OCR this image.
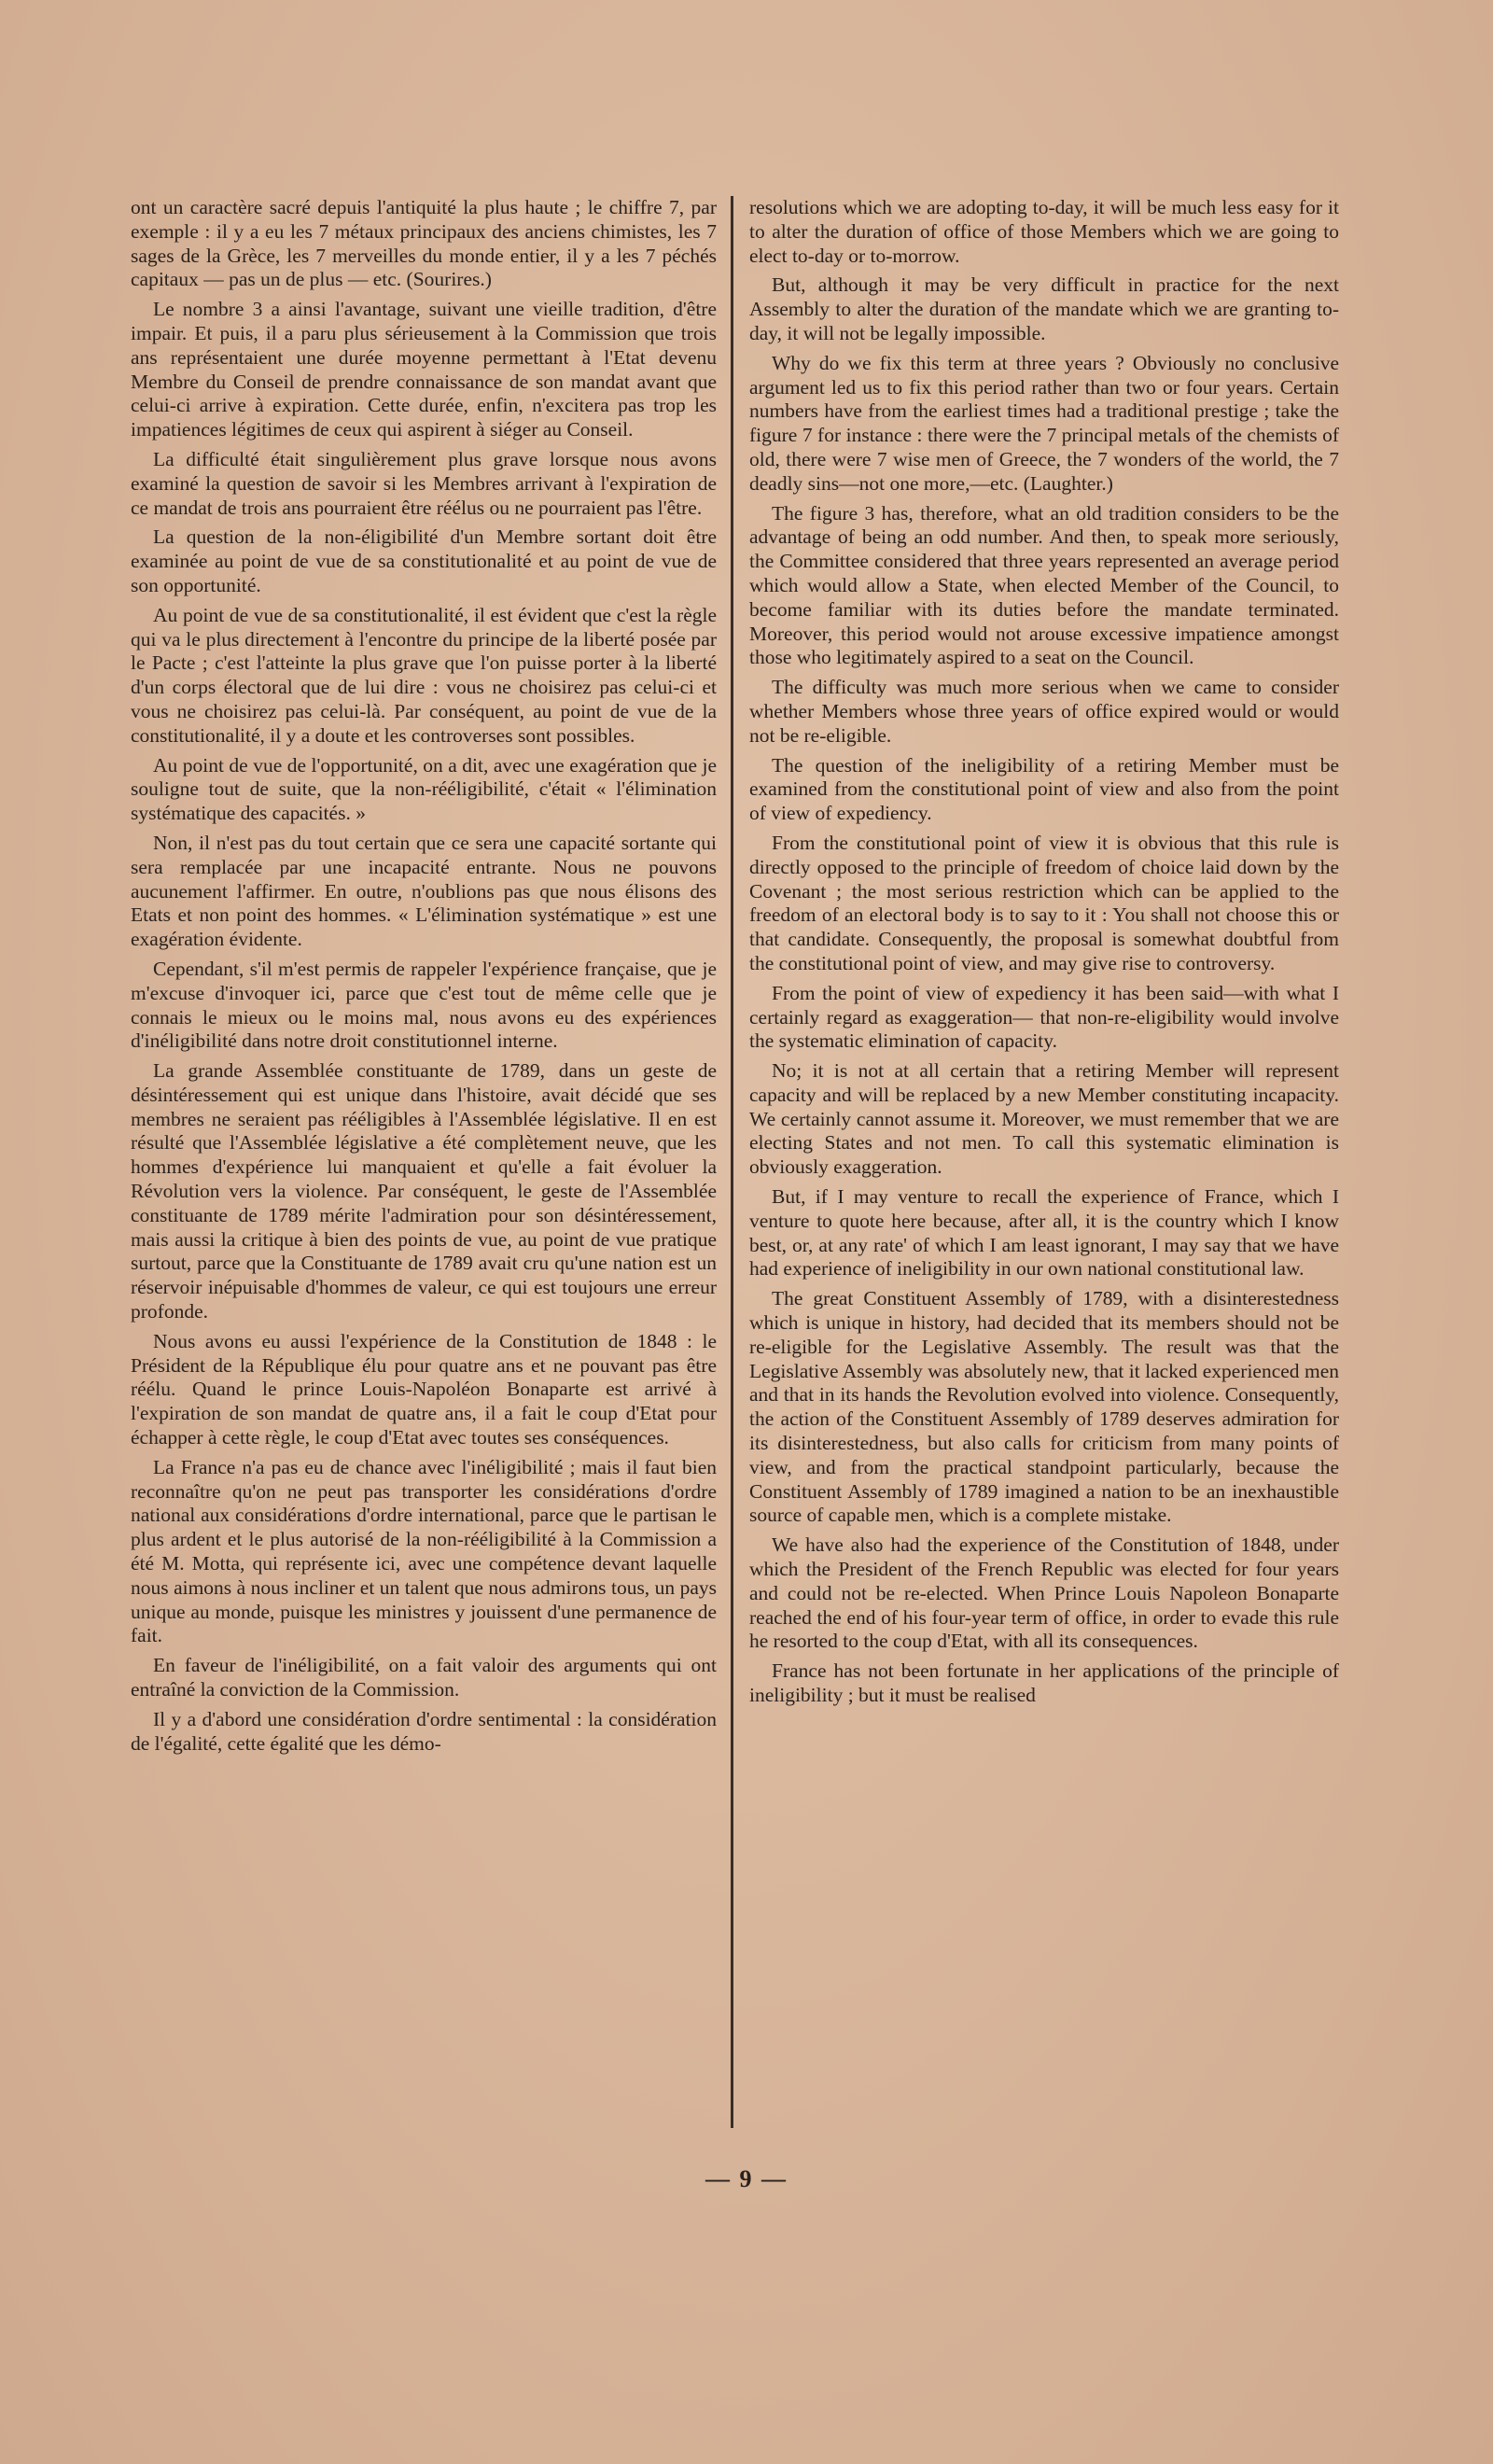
ont un caractère sacré depuis l'antiquité la plus haute ; le chiffre 7, par exemple : il y a eu les 7 métaux principaux des anciens chimistes, les 7 sages de la Grèce, les 7 merveilles du monde entier, il y a les 7 péchés capitaux — pas un de plus — etc. (Sourires.)

Le nombre 3 a ainsi l'avantage, suivant une vieille tradition, d'être impair. Et puis, il a paru plus sérieusement à la Commission que trois ans représentaient une durée moyenne permettant à l'Etat devenu Membre du Conseil de prendre connaissance de son mandat avant que celui-ci arrive à expiration. Cette durée, enfin, n'excitera pas trop les impatiences légitimes de ceux qui aspirent à siéger au Conseil.

La difficulté était singulièrement plus grave lorsque nous avons examiné la question de savoir si les Membres arrivant à l'expiration de ce mandat de trois ans pourraient être réélus ou ne pourraient pas l'être.

La question de la non-éligibilité d'un Membre sortant doit être examinée au point de vue de sa constitutionalité et au point de vue de son opportunité.

Au point de vue de sa constitutionalité, il est évident que c'est la règle qui va le plus directement à l'encontre du principe de la liberté posée par le Pacte ; c'est l'atteinte la plus grave que l'on puisse porter à la liberté d'un corps électoral que de lui dire : vous ne choisirez pas celui-ci et vous ne choisirez pas celui-là. Par conséquent, au point de vue de la constitutionalité, il y a doute et les controverses sont possibles.

Au point de vue de l'opportunité, on a dit, avec une exagération que je souligne tout de suite, que la non-rééligibilité, c'était « l'élimination systématique des capacités. »

Non, il n'est pas du tout certain que ce sera une capacité sortante qui sera remplacée par une incapacité entrante. Nous ne pouvons aucunement l'affirmer. En outre, n'oublions pas que nous élisons des Etats et non point des hommes. « L'élimination systématique » est une exagération évidente.

Cependant, s'il m'est permis de rappeler l'expérience française, que je m'excuse d'invoquer ici, parce que c'est tout de même celle que je connais le mieux ou le moins mal, nous avons eu des expériences d'inéligibilité dans notre droit constitutionnel interne.

La grande Assemblée constituante de 1789, dans un geste de désintéressement qui est unique dans l'histoire, avait décidé que ses membres ne seraient pas rééligibles à l'Assemblée législative. Il en est résulté que l'Assemblée législative a été complètement neuve, que les hommes d'expérience lui manquaient et qu'elle a fait évoluer la Révolution vers la violence. Par conséquent, le geste de l'Assemblée constituante de 1789 mérite l'admiration pour son désintéressement, mais aussi la critique à bien des points de vue, au point de vue pratique surtout, parce que la Constituante de 1789 avait cru qu'une nation est un réservoir inépuisable d'hommes de valeur, ce qui est toujours une erreur profonde.

Nous avons eu aussi l'expérience de la Constitution de 1848 : le Président de la République élu pour quatre ans et ne pouvant pas être réélu. Quand le prince Louis-Napoléon Bonaparte est arrivé à l'expiration de son mandat de quatre ans, il a fait le coup d'Etat pour échapper à cette règle, le coup d'Etat avec toutes ses conséquences.

La France n'a pas eu de chance avec l'inéligibilité ; mais il faut bien reconnaître qu'on ne peut pas transporter les considérations d'ordre national aux considérations d'ordre international, parce que le partisan le plus ardent et le plus autorisé de la non-rééligibilité à la Commission a été M. Motta, qui représente ici, avec une compétence devant laquelle nous aimons à nous incliner et un talent que nous admirons tous, un pays unique au monde, puisque les ministres y jouissent d'une permanence de fait.

En faveur de l'inéligibilité, on a fait valoir des arguments qui ont entraîné la conviction de la Commission.

Il y a d'abord une considération d'ordre sentimental : la considération de l'égalité, cette égalité que les démo-

resolutions which we are adopting to-day, it will be much less easy for it to alter the duration of office of those Members which we are going to elect to-day or to-morrow.

But, although it may be very difficult in practice for the next Assembly to alter the duration of the mandate which we are granting to-day, it will not be legally impossible.

Why do we fix this term at three years ? Obviously no conclusive argument led us to fix this period rather than two or four years. Certain numbers have from the earliest times had a traditional prestige ; take the figure 7 for instance : there were the 7 principal metals of the chemists of old, there were 7 wise men of Greece, the 7 wonders of the world, the 7 deadly sins—not one more,—etc. (Laughter.)

The figure 3 has, therefore, what an old tradition considers to be the advantage of being an odd number. And then, to speak more seriously, the Committee considered that three years represented an average period which would allow a State, when elected Member of the Council, to become familiar with its duties before the mandate terminated. Moreover, this period would not arouse excessive impatience amongst those who legitimately aspired to a seat on the Council.

The difficulty was much more serious when we came to consider whether Members whose three years of office expired would or would not be re-eligible.

The question of the ineligibility of a retiring Member must be examined from the constitutional point of view and also from the point of view of expediency.

From the constitutional point of view it is obvious that this rule is directly opposed to the principle of freedom of choice laid down by the Covenant ; the most serious restriction which can be applied to the freedom of an electoral body is to say to it : You shall not choose this or that candidate. Consequently, the proposal is somewhat doubtful from the constitutional point of view, and may give rise to controversy.

From the point of view of expediency it has been said—with what I certainly regard as exaggeration— that non-re-eligibility would involve the systematic elimination of capacity.

No; it is not at all certain that a retiring Member will represent capacity and will be replaced by a new Member constituting incapacity. We certainly cannot assume it. Moreover, we must remember that we are electing States and not men. To call this systematic elimination is obviously exaggeration.

But, if I may venture to recall the experience of France, which I venture to quote here because, after all, it is the country which I know best, or, at any rate' of which I am least ignorant, I may say that we have had experience of ineligibility in our own national constitutional law.

The great Constituent Assembly of 1789, with a disinterestedness which is unique in history, had decided that its members should not be re-eligible for the Legislative Assembly. The result was that the Legislative Assembly was absolutely new, that it lacked experienced men and that in its hands the Revolution evolved into violence. Consequently, the action of the Constituent Assembly of 1789 deserves admiration for its disinterestedness, but also calls for criticism from many points of view, and from the practical standpoint particularly, because the Constituent Assembly of 1789 imagined a nation to be an inexhaustible source of capable men, which is a complete mistake.

We have also had the experience of the Constitution of 1848, under which the President of the French Republic was elected for four years and could not be re-elected. When Prince Louis Napoleon Bonaparte reached the end of his four-year term of office, in order to evade this rule he resorted to the coup d'Etat, with all its consequences.

France has not been fortunate in her applications of the principle of ineligibility ; but it must be realised

— 9 —
